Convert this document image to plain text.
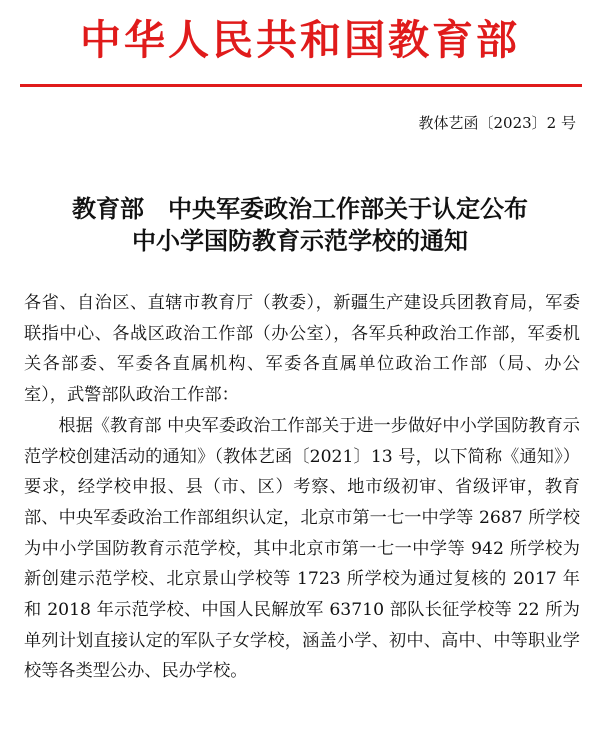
中华人民共和国教育部
教体艺函〔2023〕2 号
教育部　中央军委政治工作部关于认定公布
中小学国防教育示范学校的通知

各省、自治区、直辖市教育厅（教委），新疆生产建设兵团教育局，军委联指中心、各战区政治工作部（办公室），各军兵种政治工作部，军委机关各部委、军委各直属机构、军委各直属单位政治工作部（局、办公室），武警部队政治工作部：

根据《教育部 中央军委政治工作部关于进一步做好中小学国防教育示范学校创建活动的通知》（教体艺函〔2021〕13 号，以下简称《通知》）要求，经学校申报、县（市、区）考察、地市级初审、省级评审，教育部、中央军委政治工作部组织认定，北京市第一七一中学等 2687 所学校为中小学国防教育示范学校，其中北京市第一七一中学等 942 所学校为新创建示范学校、北京景山学校等 1723 所学校为通过复核的 2017 年和 2018 年示范学校、中国人民解放军 63710 部队长征学校等 22 所为单列计划直接认定的军队子女学校，涵盖小学、初中、高中、中等职业学校等各类型公办、民办学校。
